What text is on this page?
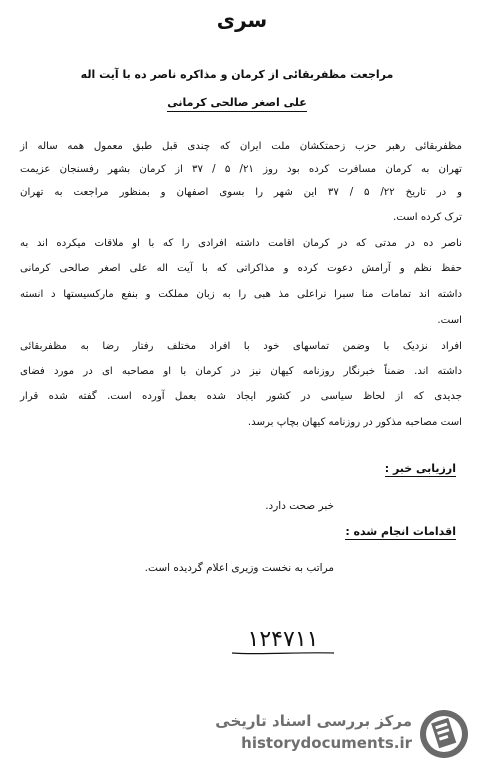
سری
مراجعت مظفربقائی از کرمان و مذاکره ناصر ده با آیت اله
علی اصغر صالحی کرمانی
مظفربقائی رهبر حزب زحمتکشان ملت ایران که چندی قبل طبق معمول همه ساله از
تهران به کرمان مسافرت کرده بود روز ۲۱/ ۵ / ۳۷ از کرمان بشهر رفسنجان عزیمت
و در تاریخ ۲۲/ ۵ / ۳۷ این شهر را بسوی اصفهان و بمنظور مراجعت به تهران
ترک کرده است.
ناصر ده در مدتی که در کرمان اقامت داشته افرادی را که با او ملاقات میکرده اند به
حفظ نظم و آرامش دعوت کرده و مذاکراتی که با آیت اله علی اصغر صالحی کرمانی
داشته اند تمامات منا سبرا نراعلی مذ هبی را به زبان مملکت و بنفع مارکسیستها د انسته
است.
افراد نزدیک با وضمن تماسهای خود با افراد مختلف رفتار رضا به مظفربقائی
داشته اند. ضمناً خبرنگار روزنامه کیهان نیز در کرمان با او مصاحبه ای در مورد فضای
جدیدی که از لحاظ سیاسی در کشور ایجاد شده بعمل آورده است. گفته شده قرار
است مصاحبه مذکور در روزنامه کیهان بچاپ برسد.
ارزیابی خبر :
خبر صحت دارد.
اقدامات انجام شده :
مراتب به نخست وزیری اعلام گردیده است.
۱۲۴۷۱۱
مرکز بررسی اسناد تاریخی
historydocuments.ir
